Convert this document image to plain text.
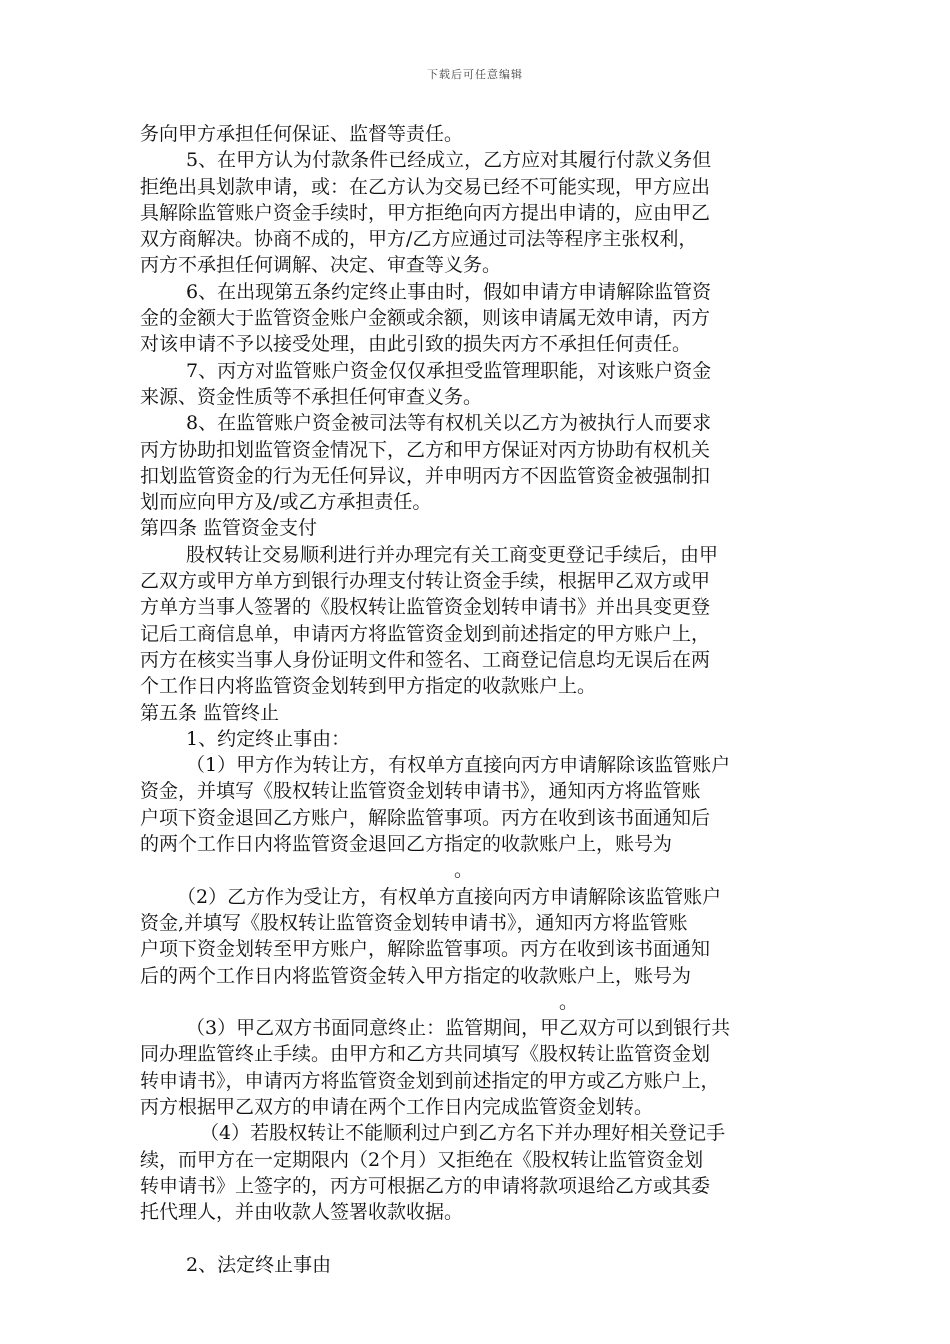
下载后可任意编辑
务向甲方承担任何保证、监督等责任。
5、在甲方认为付款条件已经成立，乙方应对其履行付款义务但
拒绝出具划款申请，或：在乙方认为交易已经不可能实现，甲方应出
具解除监管账户资金手续时，甲方拒绝向丙方提出申请的，应由甲乙
双方商解决。协商不成的，甲方/乙方应通过司法等程序主张权利，
丙方不承担任何调解、决定、审查等义务。
6、在出现第五条约定终止事由时，假如申请方申请解除监管资
金的金额大于监管资金账户金额或余额，则该申请属无效申请，丙方
对该申请不予以接受处理，由此引致的损失丙方不承担任何责任。
7、丙方对监管账户资金仅仅承担受监管理职能，对该账户资金
来源、资金性质等不承担任何审查义务。
8、在监管账户资金被司法等有权机关以乙方为被执行人而要求
丙方协助扣划监管资金情况下，乙方和甲方保证对丙方协助有权机关
扣划监管资金的行为无任何异议，并申明丙方不因监管资金被强制扣
划而应向甲方及/或乙方承担责任。
第四条 监管资金支付
股权转让交易顺利进行并办理完有关工商变更登记手续后，由甲
乙双方或甲方单方到银行办理支付转让资金手续，根据甲乙双方或甲
方单方当事人签署的《股权转让监管资金划转申请书》并出具变更登
记后工商信息单，申请丙方将监管资金划到前述指定的甲方账户上，
丙方在核实当事人身份证明文件和签名、工商登记信息均无误后在两
个工作日内将监管资金划转到甲方指定的收款账户上。
第五条 监管终止
1、约定终止事由：
（1）甲方作为转让方，有权单方直接向丙方申请解除该监管账户
资金，并填写《股权转让监管资金划转申请书》，通知丙方将监管账
户项下资金退回乙方账户，解除监管事项。丙方在收到该书面通知后
的两个工作日内将监管资金退回乙方指定的收款账户上，账号为
。
（2）乙方作为受让方，有权单方直接向丙方申请解除该监管账户
资金,并填写《股权转让监管资金划转申请书》，通知丙方将监管账
户项下资金划转至甲方账户，解除监管事项。丙方在收到该书面通知
后的两个工作日内将监管资金转入甲方指定的收款账户上，账号为
。
（3）甲乙双方书面同意终止：监管期间，甲乙双方可以到银行共
同办理监管终止手续。由甲方和乙方共同填写《股权转让监管资金划
转申请书》，申请丙方将监管资金划到前述指定的甲方或乙方账户上，
丙方根据甲乙双方的申请在两个工作日内完成监管资金划转。
（4）若股权转让不能顺利过户到乙方名下并办理好相关登记手
续，而甲方在一定期限内（2个月）又拒绝在《股权转让监管资金划
转申请书》上签字的，丙方可根据乙方的申请将款项退给乙方或其委
托代理人，并由收款人签署收款收据。
2、法定终止事由
